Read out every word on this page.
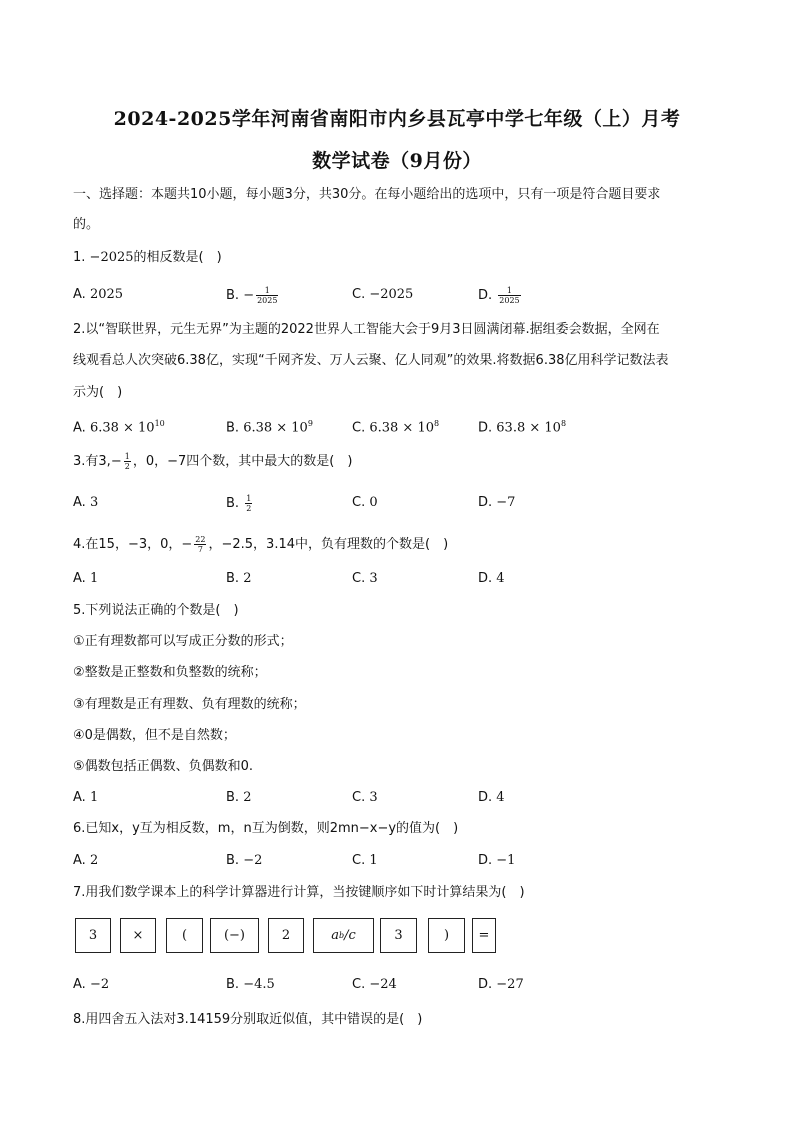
2024-2025学年河南省南阳市内乡县瓦亭中学七年级（上）月考
数学试卷（9月份）
一、选择题：本题共10小题，每小题3分，共30分。在每小题给出的选项中，只有一项是符合题目要求
的。
1. −2025的相反数是(　)
A. 2025	B. − $\frac{1}{2025}$	C. −2025	D. $\frac{1}{2025}$
2.以“智联世界，元生无界”为主题的2022世界人工智能大会于9月3日圆满闭幕.据组委会数据，全网在
线观看总人次突破6.38亿，实现“千网齐发、万人云聚、亿人同观”的效果.将数据6.38亿用科学记数法表
示为(　)
A. $6.38 \times 10^{10}$	B. $6.38 \times 10^9$	C. $6.38 \times 10^8$	D. $63.8 \times 10^8$
3.有$3,- \frac{1}{2}$ ，0，−7四个数，其中最大的数是(　)
A. 3	B. $\frac{1}{2}$	C. 0	D. −7
4.在15，−3，0，− $\frac{22}{7}$ ，−2.5，3.14中，负有理数的个数是(　)
A. 1	B. 2	C. 3	D. 4
5.下列说法正确的个数是(　)
①正有理数都可以写成正分数的形式；
②整数是正整数和负整数的统称；
③有理数是正有理数、负有理数的统称；
④0是偶数，但不是自然数；
⑤偶数包括正偶数、负偶数和0.
A. 1	B. 2	C. 3	D. 4
6.已知x，y互为相反数，m，n互为倒数，则2mn−x−y的值为(　)
A. 2	B. −2	C. 1	D. −1
7.用我们数学课本上的科学计算器进行计算，当按键顺序如下时计算结果为(　)
3	×	(	(−)	2	a b /c	3	)	=
A. −2	B. −4.5	C. −24	D. −27
8.用四舍五入法对3.14159分别取近似值，其中错误的是(　)
